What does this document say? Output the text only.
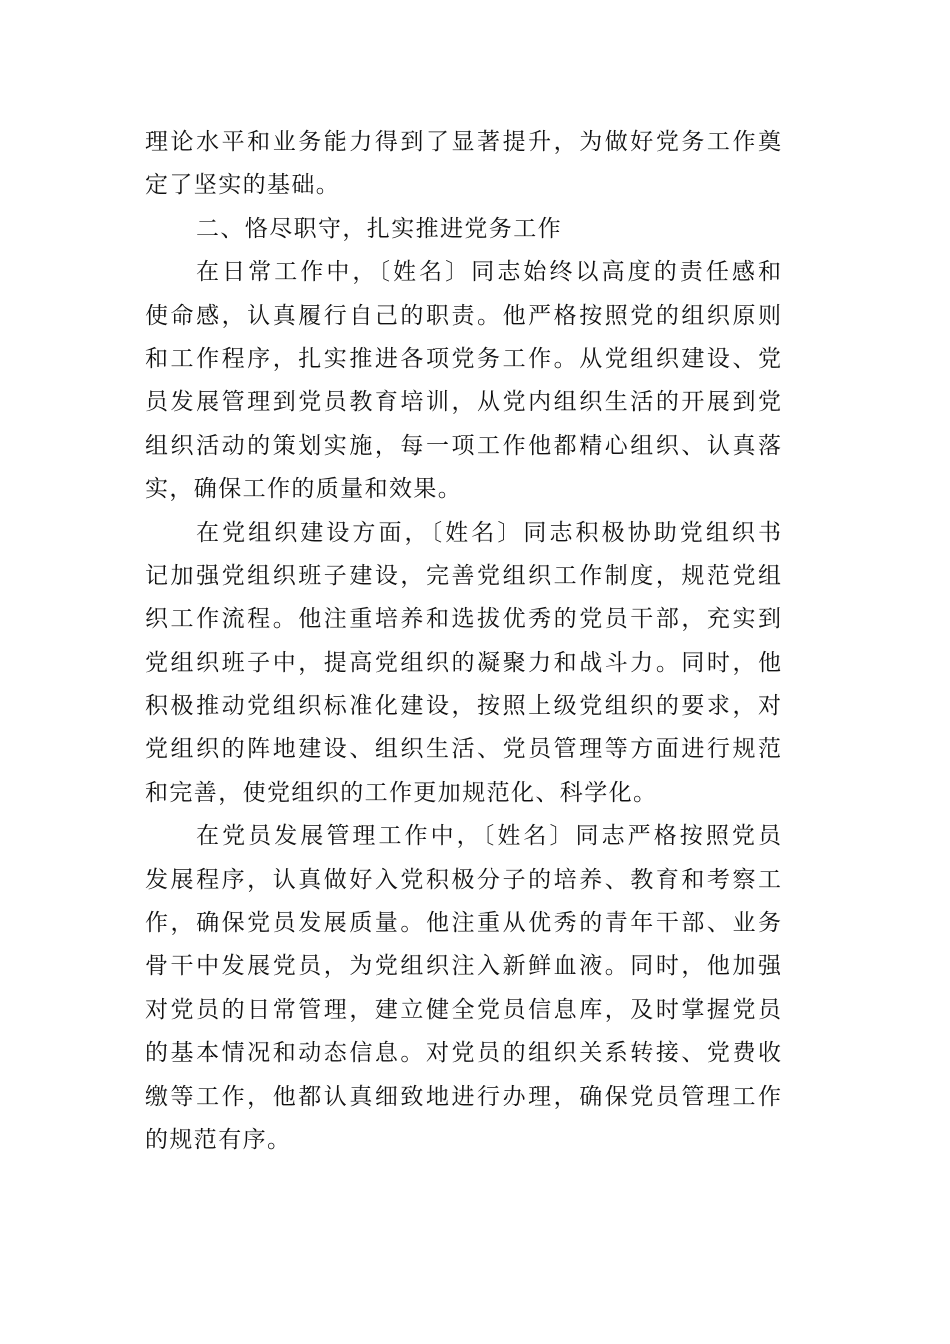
理论水平和业务能力得到了显著提升，为做好党务工作奠
定了坚实的基础。
二、恪尽职守，扎实推进党务工作
在日常工作中，〔姓名〕同志始终以高度的责任感和
使命感，认真履行自己的职责。他严格按照党的组织原则
和工作程序，扎实推进各项党务工作。从党组织建设、党
员发展管理到党员教育培训，从党内组织生活的开展到党
组织活动的策划实施，每一项工作他都精心组织、认真落
实，确保工作的质量和效果。
在党组织建设方面，〔姓名〕同志积极协助党组织书
记加强党组织班子建设，完善党组织工作制度，规范党组
织工作流程。他注重培养和选拔优秀的党员干部，充实到
党组织班子中，提高党组织的凝聚力和战斗力。同时，他
积极推动党组织标准化建设，按照上级党组织的要求，对
党组织的阵地建设、组织生活、党员管理等方面进行规范
和完善，使党组织的工作更加规范化、科学化。
在党员发展管理工作中，〔姓名〕同志严格按照党员
发展程序，认真做好入党积极分子的培养、教育和考察工
作，确保党员发展质量。他注重从优秀的青年干部、业务
骨干中发展党员，为党组织注入新鲜血液。同时，他加强
对党员的日常管理，建立健全党员信息库，及时掌握党员
的基本情况和动态信息。对党员的组织关系转接、党费收
缴等工作，他都认真细致地进行办理，确保党员管理工作
的规范有序。
